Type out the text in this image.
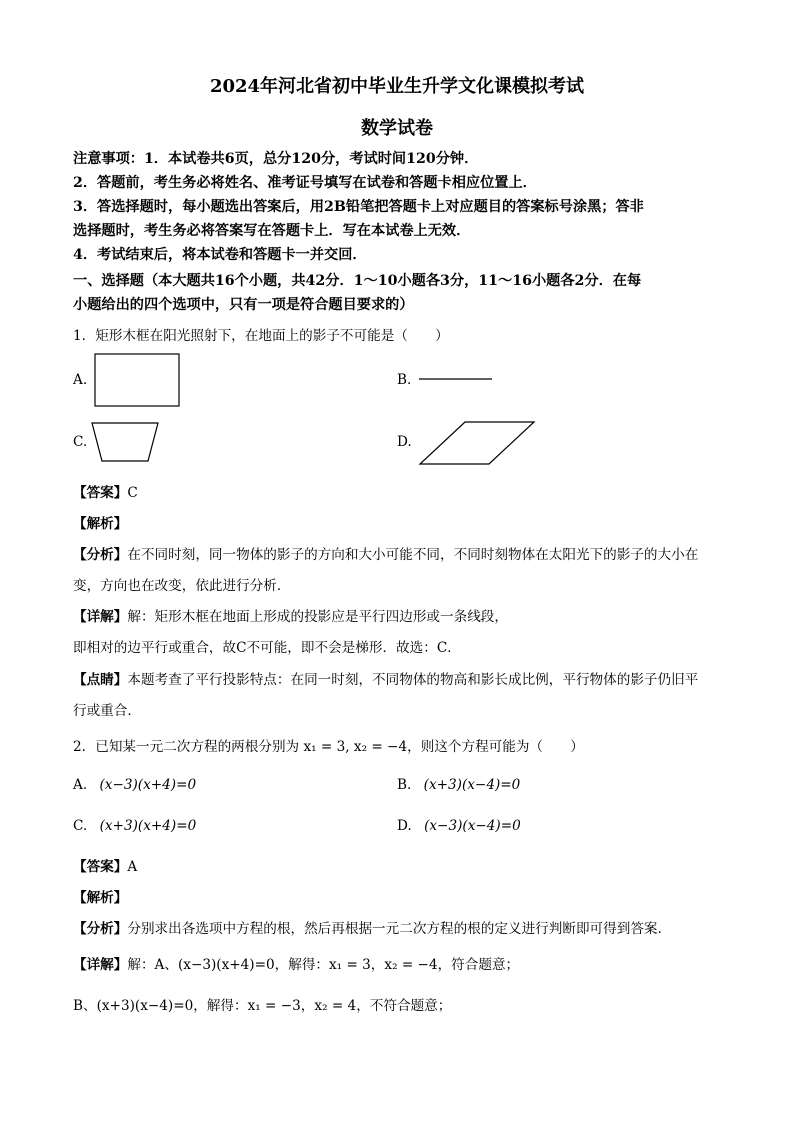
2024年河北省初中毕业生升学文化课模拟考试
数学试卷
注意事项：1．本试卷共6页，总分120分，考试时间120分钟．
2．答题前，考生务必将姓名、准考证号填写在试卷和答题卡相应位置上．
3．答选择题时，每小题选出答案后，用2B铅笔把答题卡上对应题目的答案标号涂黑；答非
选择题时，考生务必将答案写在答题卡上．写在本试卷上无效．
4．考试结束后，将本试卷和答题卡一并交回．
一、选择题（本大题共16个小题，共42分．1～10小题各3分，11～16小题各2分．在每
小题给出的四个选项中，只有一项是符合题目要求的）
1．矩形木框在阳光照射下，在地面上的影子不可能是（　　）
A.	B.
C.	D.
【答案】C
【解析】
【分析】在不同时刻，同一物体的影子的方向和大小可能不同，不同时刻物体在太阳光下的影子的大小在
变，方向也在改变，依此进行分析．
【详解】解：矩形木框在地面上形成的投影应是平行四边形或一条线段，
即相对的边平行或重合，故C不可能，即不会是梯形．故选：C．
【点睛】本题考查了平行投影特点：在同一时刻，不同物体的物高和影长成比例，平行物体的影子仍旧平
行或重合．
2．已知某一元二次方程的两根分别为 x₁ = 3, x₂ = −4，则这个方程可能为（　　）
A. (x−3)(x+4)=0	B. (x+3)(x−4)=0
C. (x+3)(x+4)=0	D. (x−3)(x−4)=0
【答案】A
【解析】
【分析】分别求出各选项中方程的根，然后再根据一元二次方程的根的定义进行判断即可得到答案.
【详解】解：A、(x−3)(x+4)=0，解得：x₁ = 3，x₂ = −4，符合题意；
B、(x+3)(x−4)=0，解得：x₁ = −3，x₂ = 4，不符合题意；
